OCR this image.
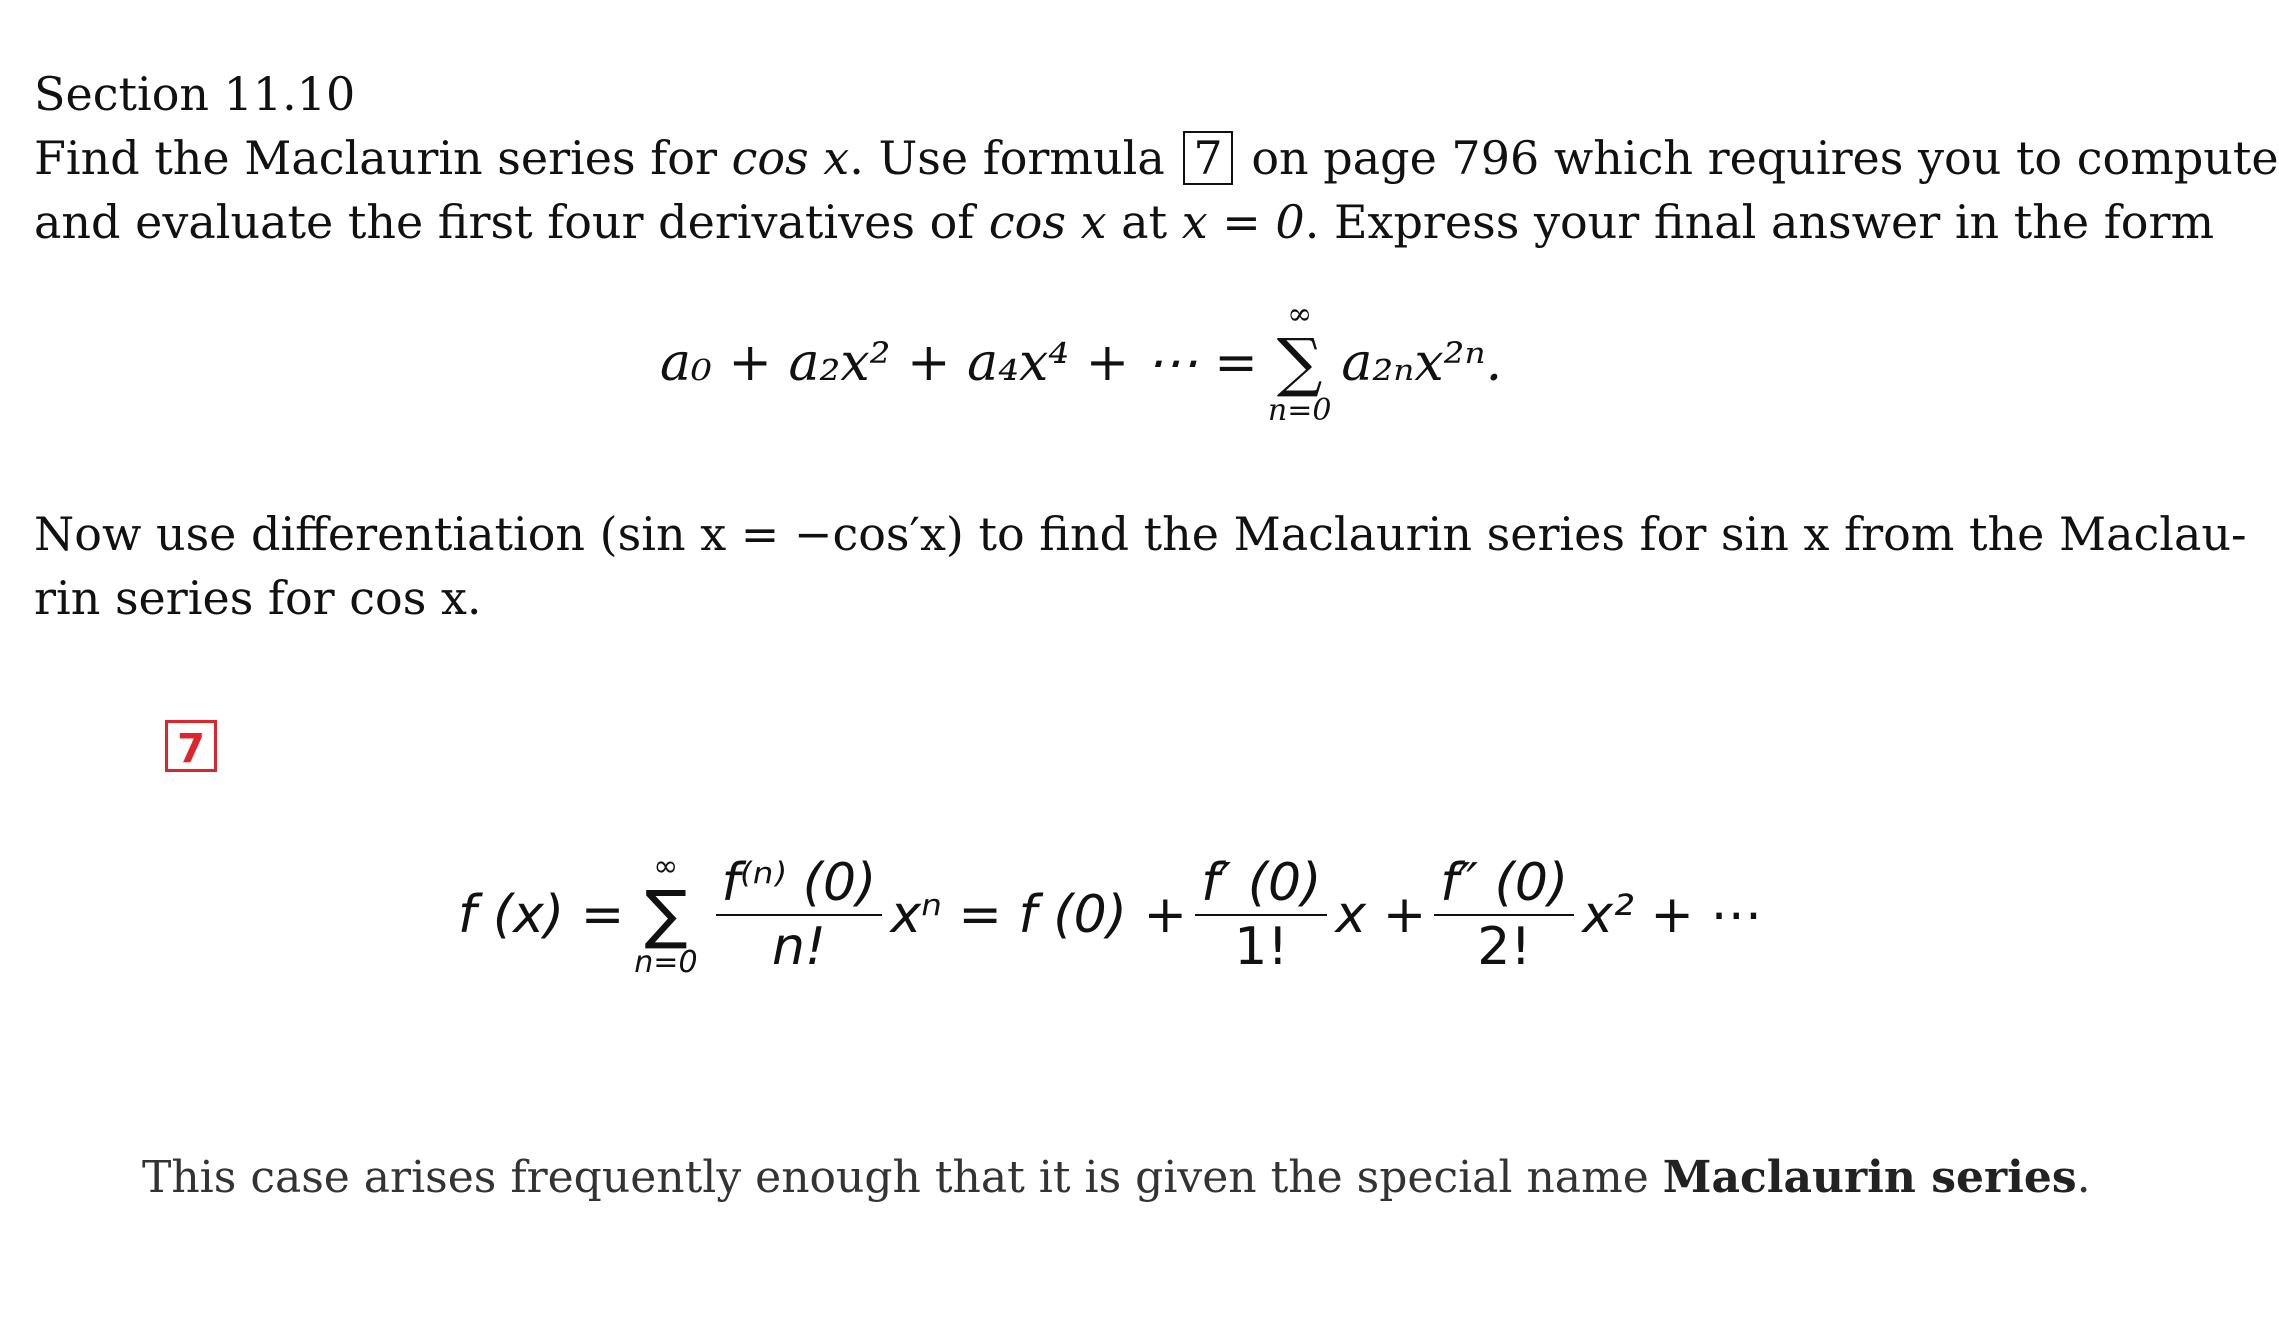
Section 11.10
Find the Maclaurin series for cos x. Use formula 7 on page 796 which requires you to compute
and evaluate the first four derivatives of cos x at x = 0. Express your final answer in the form
a₀ + a₂x² + a₄x⁴ + ⋯ =
∞
∑
n=0
a₂ₙx²ⁿ.
Now use differentiation (sin x = −cos′x) to find the Maclaurin series for sin x from the Maclau-
rin series for cos x.
7
f (x) =
∞
∑
$n=0 \frac{\text{f⁽ⁿ⁾ (0)}}{n!}$ xⁿ = f $(0) + \frac{f' (0)}{1!}$ $x + \frac{f'' (0)}{2!} x^2$ + ⋯
This case arises frequently enough that it is given the special name Maclaurin series.
